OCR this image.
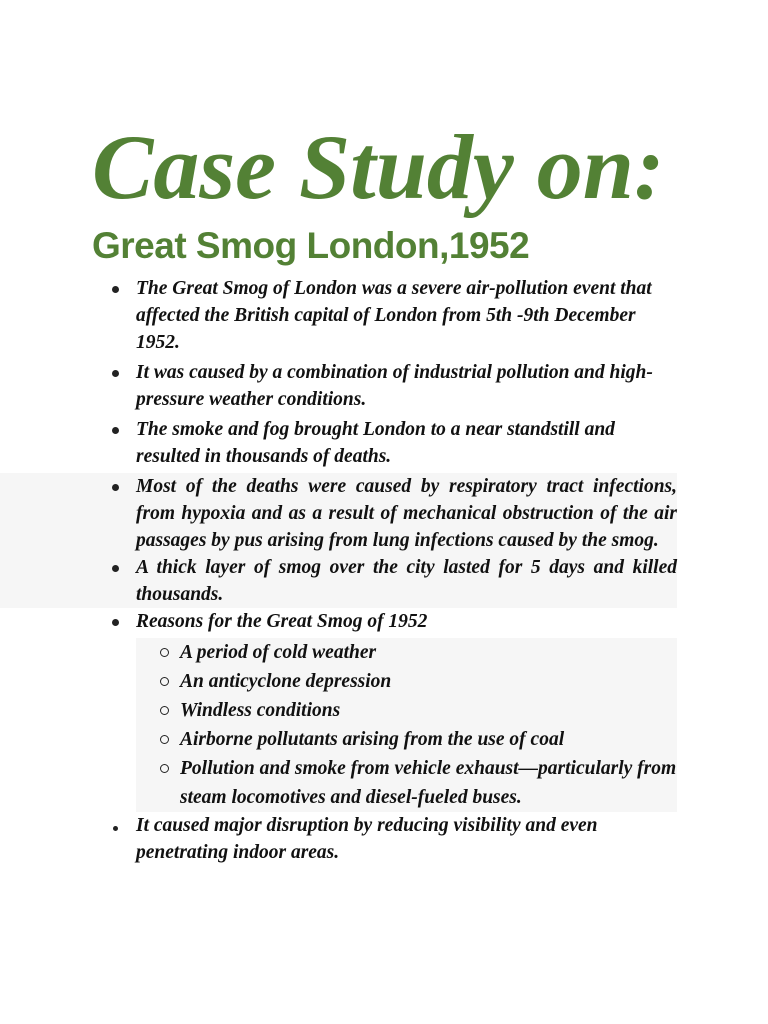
Case Study on:
Great Smog London,1952
The Great Smog of London was a severe air-pollution event that affected the British capital of London from 5th -9th December 1952.
It was caused by a combination of industrial pollution and high-pressure weather conditions.
The smoke and fog brought London to a near standstill and resulted in thousands of deaths.
Most of the deaths were caused by respiratory tract infections, from hypoxia and as a result of mechanical obstruction of the air passages by pus arising from lung infections caused by the smog.
A thick layer of smog over the city lasted for 5 days and killed thousands.
Reasons for the Great Smog of 1952
A period of cold weather
An anticyclone depression
Windless conditions
Airborne pollutants arising from the use of coal
Pollution and smoke from vehicle exhaust—particularly from steam locomotives and diesel-fueled buses.
It caused major disruption by reducing visibility and even penetrating indoor areas.
